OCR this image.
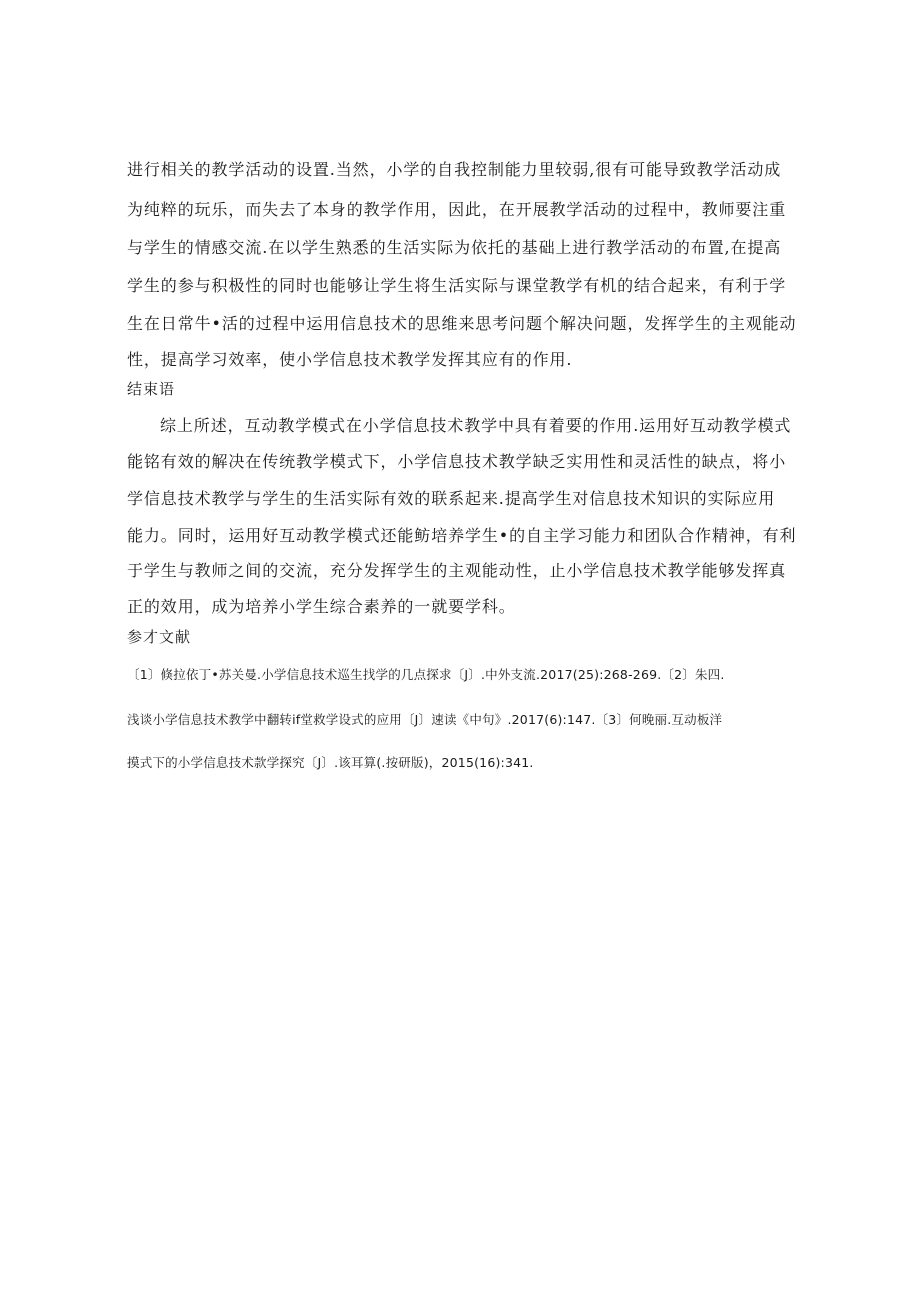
进行相关的教学活动的设置.当然，小学的自我控制能力里较弱,很有可能导致教学活动成
为纯粹的玩乐，而失去了本身的教学作用，因此，在开展教学活动的过程中，教师要注重
与学生的情感交流.在以学生熟悉的生活实际为依托的基础上进行教学活动的布置,在提高
学生的参与积极性的同时也能够让学生将生活实际与课堂教学有机的结合起来，有利于学
生在日常牛•活的过程中运用信息技术的思维来思考问题个解决问题，发挥学生的主观能动
性，提高学习效率，使小学信息技术教学发挥其应有的作用.
结束语
综上所述，互动教学模式在小学信息技术教学中具有着要的作用.运用好互动教学模式
能铭有效的解决在传统教学模式下，小学信息技术教学缺乏实用性和灵活性的缺点，将小
学信息技术教学与学生的生活实际有效的联系起来.提高学生对信息技术知识的实际应用
能力。同时，运用好互动教学模式还能鲂培养学生•的自主学习能力和团队合作精神，有利
于学生与教师之间的交流，充分发挥学生的主观能动性，止小学信息技术教学能够发挥真
正的效用，成为培养小学生综合素养的一就要学科。
参才文献
〔1〕倏拉依丁•苏关曼.小学信息技术巡生找学的几点探求〔J〕.中外支流.2017(25):268-269.〔2〕朱四.
浅谈小学信息技术教学中翻转if堂救学设式的应用〔J〕速读《中句》.2017(6):147.〔3〕何晚丽.互动板洋
摸式下的小学信息技术款学探究〔J〕.该耳算(.按研版)，2015(16):341.
